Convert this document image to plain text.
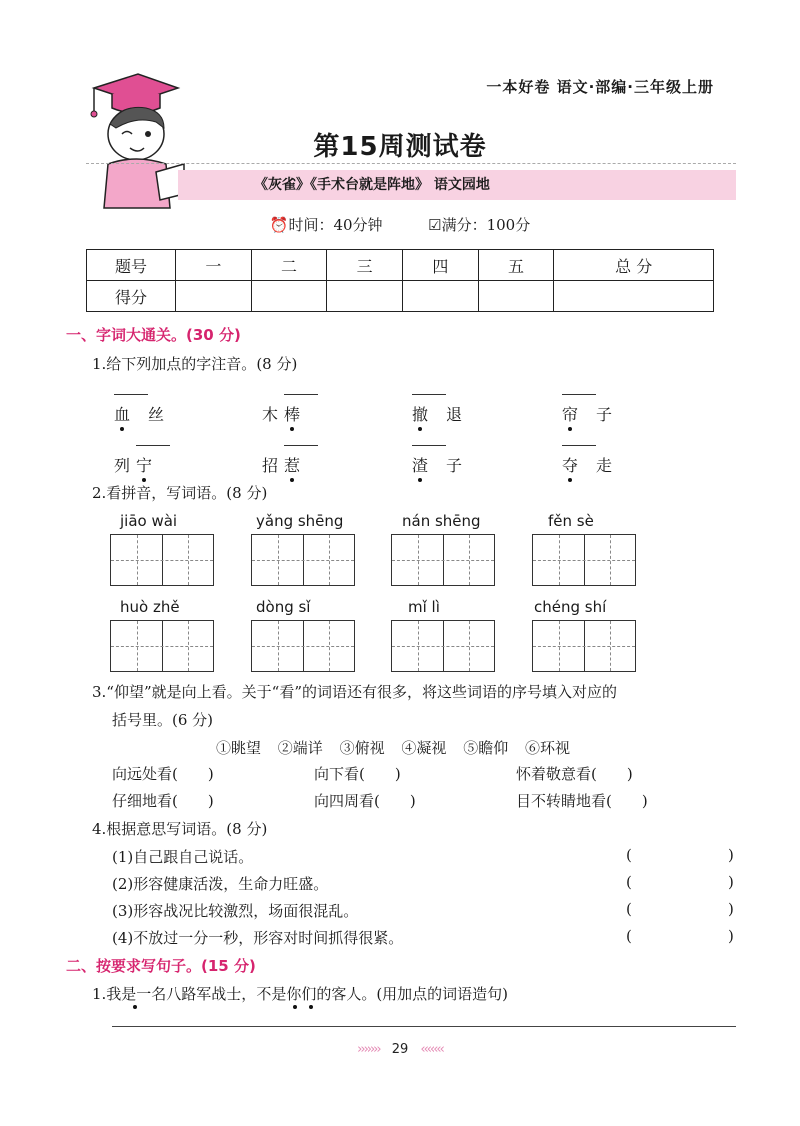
一本好卷 语文·部编·三年级上册
第15周测试卷
《灰雀》《手术台就是阵地》 语文园地
⏰时间：40分钟	☑满分：100分
题号	一	二	三	四	五	总 分
得分						
一、字词大通关。(30 分)
1.给下列加点的字注音。(8 分)
血 丝	木 棒	撤 退	帘 子
列 宁	招 惹	渣 子	夺 走
2.看拼音，写词语。(8 分)
jiāo wài	yǎng shēng	nán shēng	fěn sè
huò zhě	dòng sǐ	mǐ lì	chéng shí
3.“仰望”就是向上看。关于“看”的词语还有很多，将这些词语的序号填入对应的
括号里。(6 分)
①眺望 ②端详 ③俯视 ④凝视 ⑤瞻仰 ⑥环视
向远处看(　　)	向下看(　　)	怀着敬意看(　　)
仔细地看(　　)	向四周看(　　)	目不转睛地看(　　)
4.根据意思写词语。(8 分)
(1)自己跟自己说话。	(	)
(2)形容健康活泼，生命力旺盛。	(	)
(3)形容战况比较激烈，场面很混乱。	(	)
(4)不放过一分一秒，形容对时间抓得很紧。	(	)
二、按要求写句子。(15 分)
1.我是一名八路军战士，不是你们的客人。(用加点的词语造句)
››››››› 29 ‹‹‹‹‹‹‹
